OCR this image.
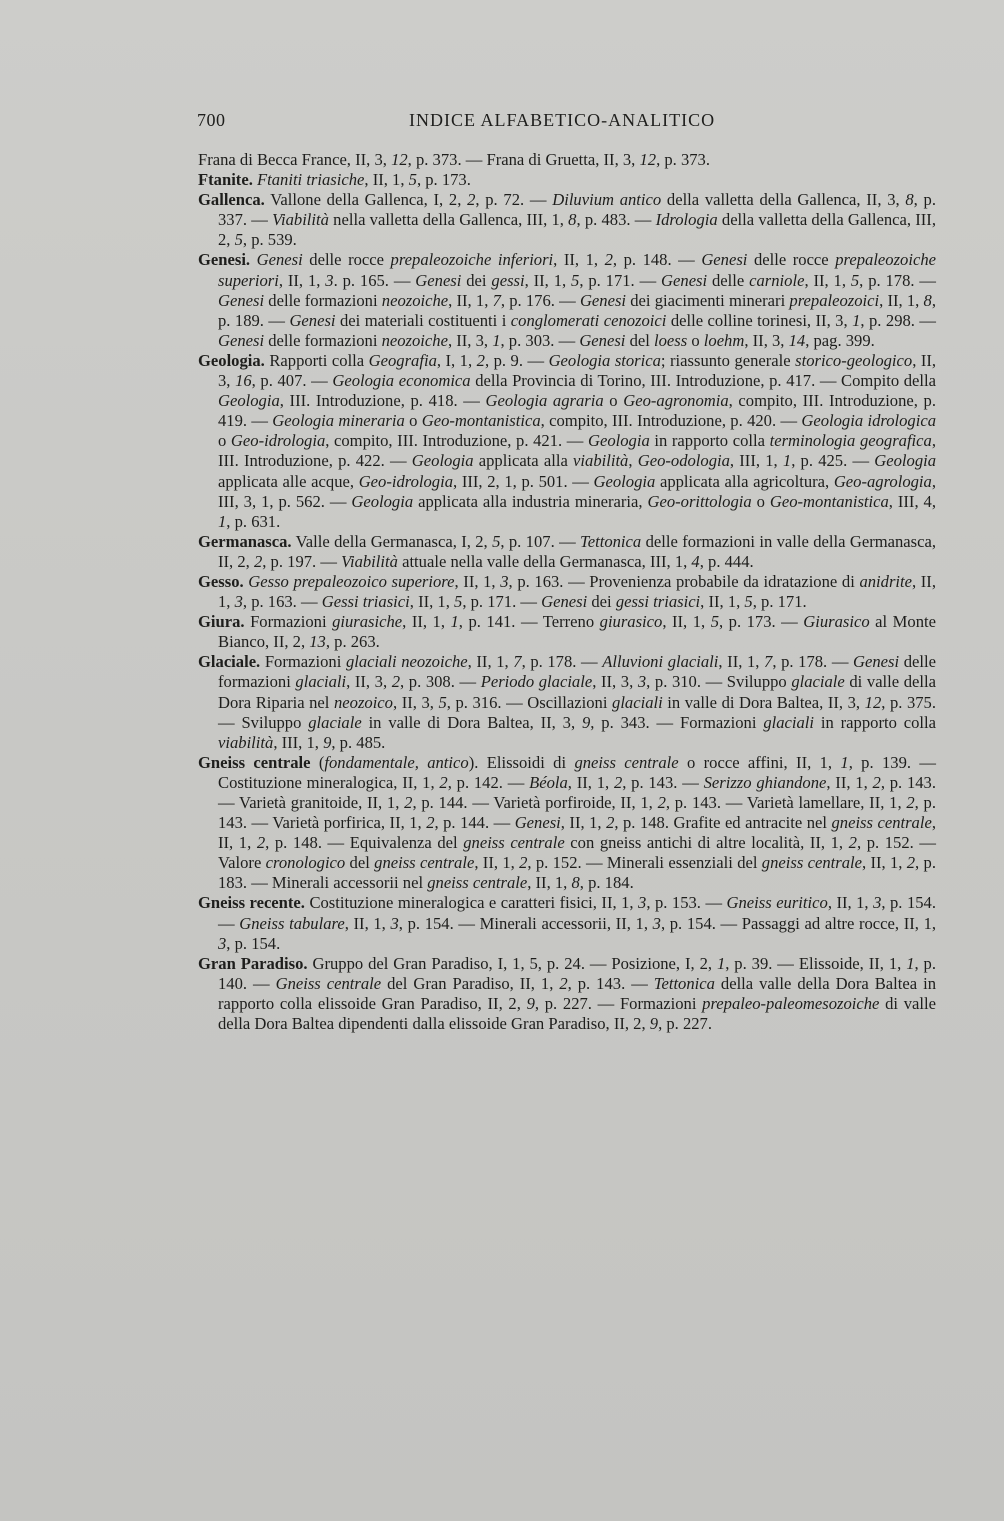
700	INDICE ALFABETICO-ANALITICO

Frana di Becca France, II, 3, 12, p. 373. — Frana di Gruetta, II, 3, 12, p. 373.

Ftanite. Ftaniti triasiche, II, 1, 5, p. 173.

Gallenca. Vallone della Gallenca, I, 2, 2, p. 72. — Diluvium antico della valletta della Gallenca, II, 3, 8, p. 337. — Viabilità nella valletta della Gallenca, III, 1, 8, p. 483. — Idrologia della valletta della Gallenca, III, 2, 5, p. 539.

Genesi. Genesi delle rocce prepaleozoiche inferiori, II, 1, 2, p. 148. — Genesi delle rocce prepaleozoiche superiori, II, 1, 3. p. 165. — Genesi dei gessi, II, 1, 5, p. 171. — Genesi delle carniole, II, 1, 5, p. 178. — Genesi delle formazioni neozoiche, II, 1, 7, p. 176. — Genesi dei giacimenti minerari prepaleozoici, II, 1, 8, p. 189. — Genesi dei materiali costituenti i conglomerati cenozoici delle colline torinesi, II, 3, 1, p. 298. — Genesi delle formazioni neozoiche, II, 3, 1, p. 303. — Genesi del loess o loehm, II, 3, 14, pag. 399.

Geologia. Rapporti colla Geografia, I, 1, 2, p. 9. — Geologia storica; riassunto generale storico-geologico, II, 3, 16, p. 407. — Geologia economica della Provincia di Torino, III. Introduzione, p. 417. — Compito della Geologia, III. Introduzione, p. 418. — Geologia agraria o Geo-agronomia, compito, III. Introduzione, p. 419. — Geologia mineraria o Geo-montanistica, compito, III. Introduzione, p. 420. — Geologia idrologica o Geo-idrologia, compito, III. Introduzione, p. 421. — Geologia in rapporto colla terminologia geografica, III. Introduzione, p. 422. — Geologia applicata alla viabilità, Geo-odologia, III, 1, 1, p. 425. — Geologia applicata alle acque, Geo-idrologia, III, 2, 1, p. 501. — Geologia applicata alla agricoltura, Geo-agrologia, III, 3, 1, p. 562. — Geologia applicata alla industria mineraria, Geo-orittologia o Geo-montanistica, III, 4, 1, p. 631.

Germanasca. Valle della Germanasca, I, 2, 5, p. 107. — Tettonica delle formazioni in valle della Germanasca, II, 2, 2, p. 197. — Viabilità attuale nella valle della Germanasca, III, 1, 4, p. 444.

Gesso. Gesso prepaleozoico superiore, II, 1, 3, p. 163. — Provenienza probabile da idratazione di anidrite, II, 1, 3, p. 163. — Gessi triasici, II, 1, 5, p. 171. — Genesi dei gessi triasici, II, 1, 5, p. 171.

Giura. Formazioni giurasiche, II, 1, 1, p. 141. — Terreno giurasico, II, 1, 5, p. 173. — Giurasico al Monte Bianco, II, 2, 13, p. 263.

Glaciale. Formazioni glaciali neozoiche, II, 1, 7, p. 178. — Alluvioni glaciali, II, 1, 7, p. 178. — Genesi delle formazioni glaciali, II, 3, 2, p. 308. — Periodo glaciale, II, 3, 3, p. 310. — Sviluppo glaciale di valle della Dora Riparia nel neozoico, II, 3, 5, p. 316. — Oscillazioni glaciali in valle di Dora Baltea, II, 3, 12, p. 375. — Sviluppo glaciale in valle di Dora Baltea, II, 3, 9, p. 343. — Formazioni glaciali in rapporto colla viabilità, III, 1, 9, p. 485.

Gneiss centrale (fondamentale, antico). Elissoidi di gneiss centrale o rocce affini, II, 1, 1, p. 139. — Costituzione mineralogica, II, 1, 2, p. 142. — Béola, II, 1, 2, p. 143. — Serizzo ghiandone, II, 1, 2, p. 143. — Varietà granitoide, II, 1, 2, p. 144. — Varietà porfiroide, II, 1, 2, p. 143. — Varietà lamellare, II, 1, 2, p. 143. — Varietà porfirica, II, 1, 2, p. 144. — Genesi, II, 1, 2, p. 148. Grafite ed antracite nel gneiss centrale, II, 1, 2, p. 148. — Equivalenza del gneiss centrale con gneiss antichi di altre località, II, 1, 2, p. 152. — Valore cronologico del gneiss centrale, II, 1, 2, p. 152. — Minerali essenziali del gneiss centrale, II, 1, 2, p. 183. — Minerali accessorii nel gneiss centrale, II, 1, 8, p. 184.

Gneiss recente. Costituzione mineralogica e caratteri fisici, II, 1, 3, p. 153. — Gneiss euritico, II, 1, 3, p. 154. — Gneiss tabulare, II, 1, 3, p. 154. — Minerali accessorii, II, 1, 3, p. 154. — Passaggi ad altre rocce, II, 1, 3, p. 154.

Gran Paradiso. Gruppo del Gran Paradiso, I, 1, 5, p. 24. — Posizione, I, 2, 1, p. 39. — Elissoide, II, 1, 1, p. 140. — Gneiss centrale del Gran Paradiso, II, 1, 2, p. 143. — Tettonica della valle della Dora Baltea in rapporto colla elissoide Gran Paradiso, II, 2, 9, p. 227. — Formazioni prepaleo-paleomesozoiche di valle della Dora Baltea dipendenti dalla elissoide Gran Paradiso, II, 2, 9, p. 227.
